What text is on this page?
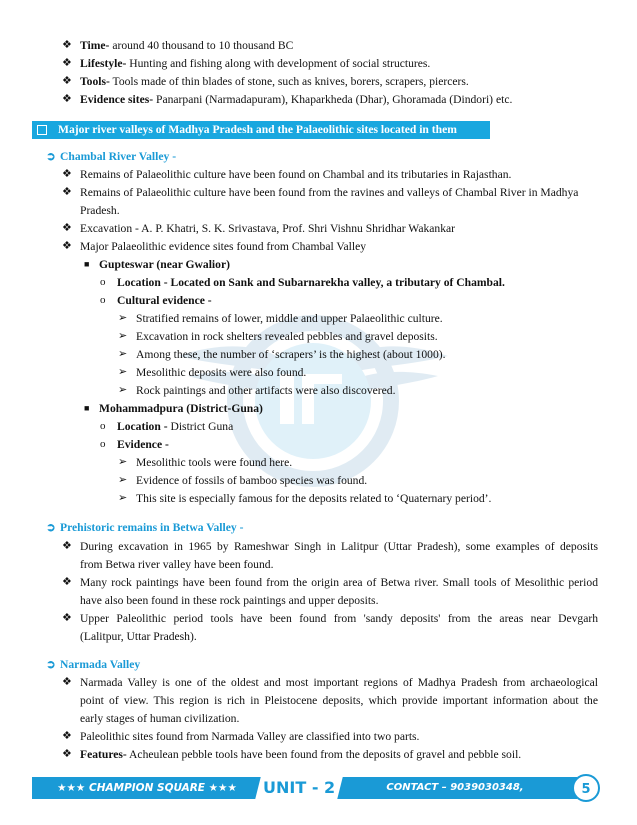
❖ Time- around 40 thousand to 10 thousand BC
❖ Lifestyle- Hunting and fishing along with development of social structures.
❖ Tools- Tools made of thin blades of stone, such as knives, borers, scrapers, piercers.
❖ Evidence sites- Panarpani (Narmadapuram), Khaparkheda (Dhar), Ghoramada (Dindori) etc.
Major river valleys of Madhya Pradesh and the Palaeolithic sites located in them
➲ Chambal River Valley -
❖ Remains of Palaeolithic culture have been found on Chambal and its tributaries in Rajasthan.
❖ Remains of Palaeolithic culture have been found from the ravines and valleys of Chambal River in Madhya
Pradesh.
❖ Excavation - A. P. Khatri, S. K. Srivastava, Prof. Shri Vishnu Shridhar Wakankar
❖ Major Palaeolithic evidence sites found from Chambal Valley
■ Gupteswar (near Gwalior)
o Location - Located on Sank and Subarnarekha valley, a tributary of Chambal.
o Cultural evidence -
➢ Stratified remains of lower, middle and upper Palaeolithic culture.
➢ Excavation in rock shelters revealed pebbles and gravel deposits.
➢ Among these, the number of ‘scrapers’ is the highest (about 1000).
➢ Mesolithic deposits were also found.
➢ Rock paintings and other artifacts were also discovered.
■ Mohammadpura (District-Guna)
o Location - District Guna
o Evidence -
➢ Mesolithic tools were found here.
➢ Evidence of fossils of bamboo species was found.
➢ This site is especially famous for the deposits related to ‘Quaternary period’.
➲ Prehistoric remains in Betwa Valley -
❖ During excavation in 1965 by Rameshwar Singh in Lalitpur (Uttar Pradesh), some examples of deposits
from Betwa river valley have been found.
❖ Many rock paintings have been found from the origin area of Betwa river. Small tools of Mesolithic period
have also been found in these rock paintings and upper deposits.
❖ Upper Paleolithic period tools have been found from 'sandy deposits' from the areas near Devgarh
(Lalitpur, Uttar Pradesh).
➲ Narmada Valley
❖ Narmada Valley is one of the oldest and most important regions of Madhya Pradesh from archaeological
point of view. This region is rich in Pleistocene deposits, which provide important information about the
early stages of human civilization.
❖ Paleolithic sites found from Narmada Valley are classified into two parts.
❖ Features- Acheulean pebble tools have been found from the deposits of gravel and pebble soil.
★★★ CHAMPION SQUARE ★★★	UNIT - 2	CONTACT – 9039030348, 9039030349
5
